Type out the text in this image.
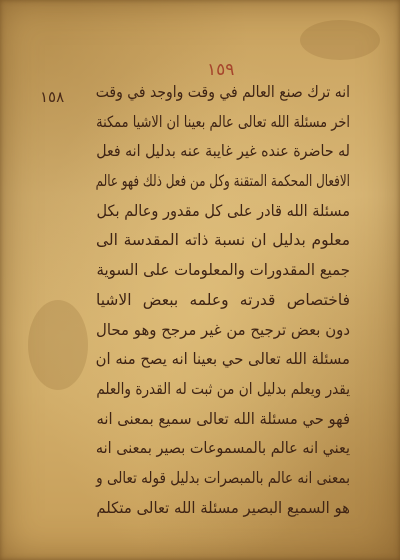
١٥٩
١٥٨ انه ترك صنع العالم في وقت واوجد في وقت
اخر مسئلة الله تعالى عالم بعينا ان الاشيا ممكنة
له حاضرة عنده غير غايبة عنه بدليل انه فعل
الافعال المحكمة المتقنة وكل من فعل ذلك فهو عالم
مسئلة الله قادر على كل مقدور وعالم بكل
معلوم بدليل ان نسبة ذاته المقدسة الى
جميع المقدورات والمعلومات على السوية
فاختصاص قدرته وعلمه ببعض الاشيا
دون بعض ترجيح من غير مرجح وهو محال
مسئلة الله تعالى حي بعينا انه يصح منه ان
يقدر ويعلم بدليل ان من ثبت له القدرة والعلم
فهو حي مسئلة الله تعالى سميع بمعنى انه
يعني انه عالم بالمسموعات بصير بمعنى انه
بمعنى انه عالم بالمبصرات بدليل قوله تعالى و
هو السميع البصير مسئلة الله تعالى متكلم
